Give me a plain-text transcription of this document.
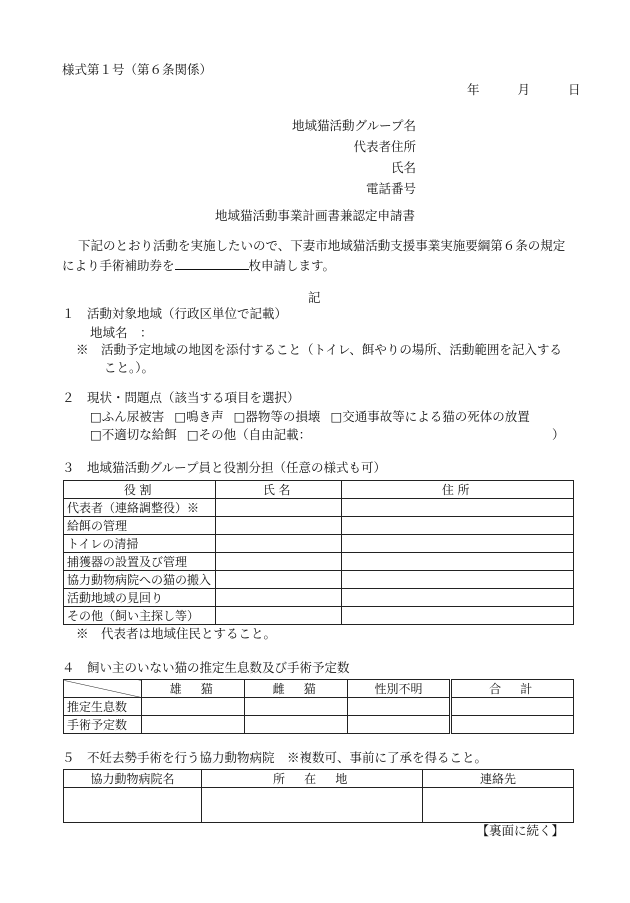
様式第１号（第６条関係）
年	月	日
地域猫活動グループ名
代表者住所
氏名
電話番号
地域猫活動事業計画書兼認定申請書
下記のとおり活動を実施したいので、下妻市地域猫活動支援事業実施要綱第６条の規定
により手術補助券を	枚申請します。
記
１　活動対象地域（行政区単位で記載）
地域名　：
※　活動予定地域の地図を添付すること（トイレ、餌やりの場所、活動範囲を記入する
こと。）。
２　現状・問題点（該当する項目を選択）
□ふん尿被害 □鳴き声 □器物等の損壊 □交通事故等による猫の死体の放置
□不適切な給餌 □その他（自由記載：	）
３　地域猫活動グループ員と役割分担（任意の様式も可）
役割	氏名	住所
代表者（連絡調整役）※		
給餌の管理		
トイレの清掃		
捕獲器の設置及び管理		
協力動物病院への猫の搬入		
活動地域の見回り		
その他（飼い主探し等）		
※　代表者は地域住民とすること。
４　飼い主のいない猫の推定生息数及び手術予定数
	雄　猫	雌　猫	性別不明	合　計
推定生息数				
手術予定数				
５　不妊去勢手術を行う協力動物病院　※複数可、事前に了承を得ること。
協力動物病院名	所　在　地	連絡先

【裏面に続く】
